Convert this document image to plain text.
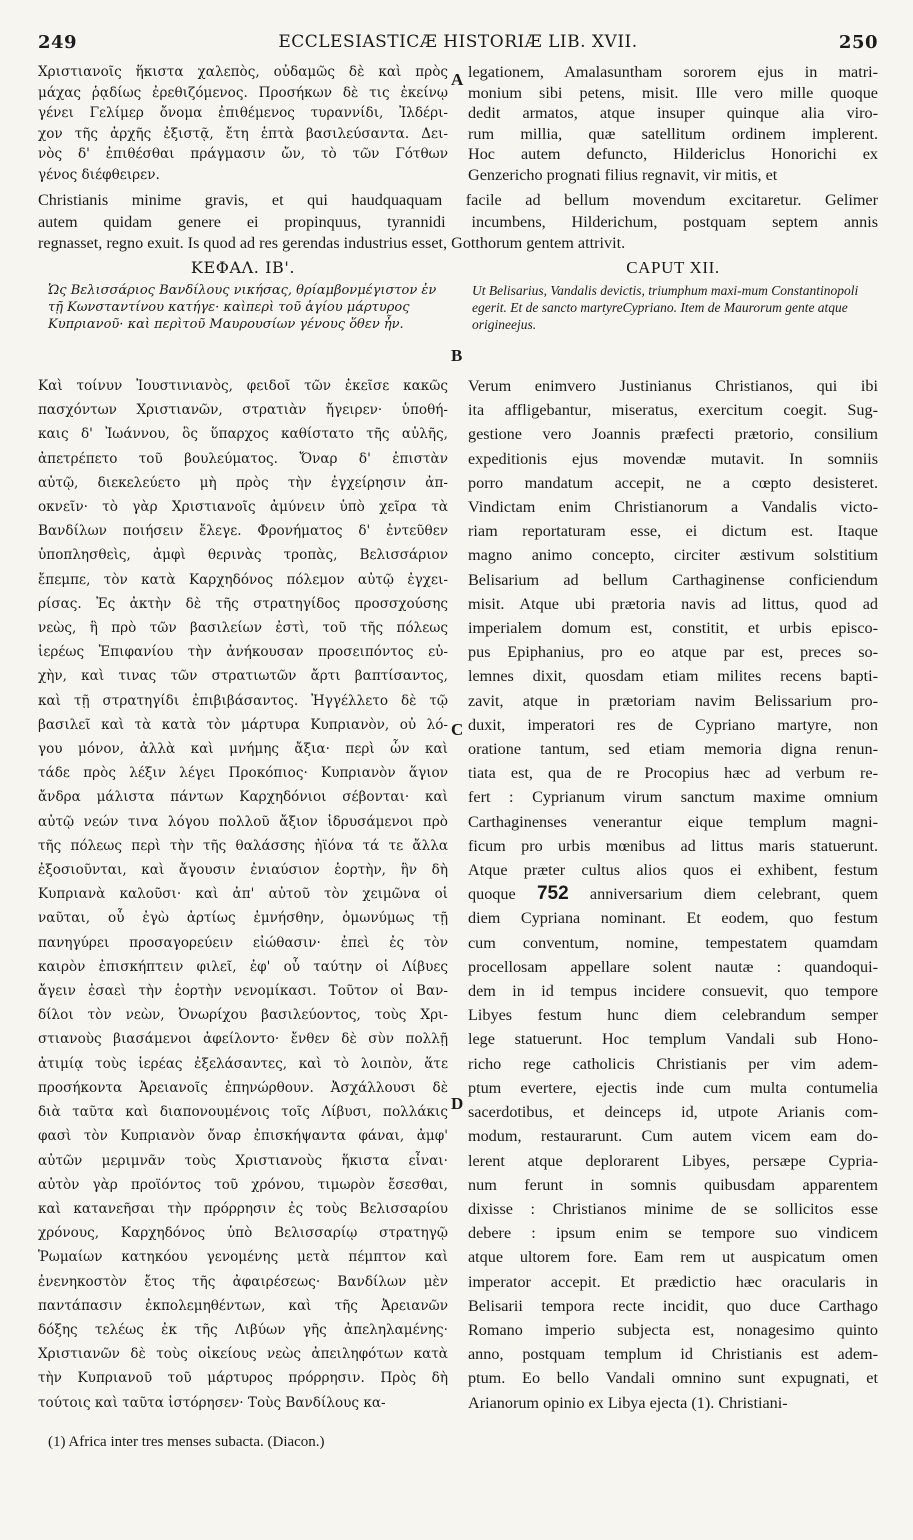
249	ECCLESIASTICÆ HISTORIÆ LIB. XVII.	250
Χριστιανοῖς ἥκιστα χαλεπὸς, οὐδαμῶς δὲ καὶ πρὸς
μάχας ῥᾳδίως ἐρεθιζόμενος. Προσήκων δὲ τις ἐκείνῳ
γένει Γελίμερ ὄνομα ἐπιθέμενος τυραννίδι, Ἰλδέρι-
χον τῆς ἀρχῆς ἐξιστᾷ, ἔτη ἑπτὰ βασιλεύσαντα. Δει-
νὸς δ' ἐπιθέσθαι πράγμασιν ὤν, τὸ τῶν Γότθων
γένος διέφθειρεν.
legationem, Amalasuntham sororem ejus in matri-
monium sibi petens, misit. Ille vero mille quoque
dedit armatos, atque insuper quinque alia viro-
rum millia, quæ satellitum ordinem implerent.
Hoc autem defuncto, Hildericlus Honorichi ex
Genzericho prognati filius regnavit, vir mitis, et
Christianis minime gravis, et qui haudquaquam facile ad bellum movendum excitaretur. Gelimer
autem quidam genere ei propinquus, tyrannidi incumbens, Hilderichum, postquam septem annis
regnasset, regno exuit. Is quod ad res gerendas industrius esset, Gotthorum gentem attrivit.
ΚΕΦΑΛ. ΙΒ'.	CAPUT XII.
Ὡς Βελισσάριος Βανδίλους νικήσας, θρίαμβονμέγιστον ἐν τῇ Κωνσταντίνου κατήγε· καὶπερὶ τοῦ ἁγίου μάρτυρος Κυπριανοῦ· καὶ περὶτοῦ Μαυρουσίων γένους ὅθεν ἦν.
Ut Belisarius, Vandalis devictis, triumphum maxi-mum Constantinopoli egerit. Et de sancto martyreCypriano. Item de Maurorum gente atque origineejus.
A
B
C
D
Καὶ τοίνυν Ἰουστινιανὸς, φειδοῖ τῶν ἐκεῖσε κακῶς
πασχόντων Χριστιανῶν, στρατιὰν ἤγειρεν· ὑποθή-
καις δ' Ἰωάννου, ὃς ὕπαρχος καθίστατο τῆς αὐλῆς,
ἀπετρέπετο τοῦ βουλεύματος. Ὄναρ δ' ἐπιστὰν
αὐτῷ, διεκελεύετο μὴ πρὸς τὴν ἐγχείρησιν ἀπ-
οκνεῖν· τὸ γὰρ Χριστιανοῖς ἀμύνειν ὑπὸ χεῖρα τὰ
Βανδίλων ποιήσειν ἔλεγε. Φρονήματος δ' ἐντεῦθεν
ὑποπλησθεὶς, ἀμφὶ θερινὰς τροπὰς, Βελισσάριον
ἔπεμπε, τὸν κατὰ Καρχηδόνος πόλεμον αὐτῷ ἐγχει-
ρίσας. Ἐς ἀκτὴν δὲ τῆς στρατηγίδος προσσχούσης
νεὼς, ἣ πρὸ τῶν βασιλείων ἐστὶ, τοῦ τῆς πόλεως
ἱερέως Ἐπιφανίου τὴν ἀνήκουσαν προσειπόντος εὐ-
χὴν, καὶ τινας τῶν στρατιωτῶν ἄρτι βαπτίσαντος,
καὶ τῇ στρατηγίδι ἐπιβιβάσαντος. Ἠγγέλλετο δὲ τῷ
βασιλεῖ καὶ τὰ κατὰ τὸν μάρτυρα Κυπριανὸν, οὐ λό-
γου μόνον, ἀλλὰ καὶ μνήμης ἄξια· περὶ ὧν καὶ
τάδε πρὸς λέξιν λέγει Προκόπιος· Κυπριανὸν ἅγιον
ἄνδρα μάλιστα πάντων Καρχηδόνιοι σέβονται· καὶ
αὐτῷ νεών τινα λόγου πολλοῦ ἄξιον ἱδρυσάμενοι πρὸ
τῆς πόλεως περὶ τὴν τῆς θαλάσσης ἠϊόνα τά τε ἄλλα
ἐξοσιοῦνται, καὶ ἄγουσιν ἐνιαύσιον ἑορτὴν, ἣν δὴ
Κυπριανὰ καλοῦσι· καὶ ἀπ' αὐτοῦ τὸν χειμῶνα οἱ
ναῦται, οὗ ἐγὼ ἀρτίως ἐμνήσθην, ὁμωνύμως τῇ
πανηγύρει προσαγορεύειν εἰώθασιν· ἐπεὶ ἐς τὸν
καιρὸν ἐπισκήπτειν φιλεῖ, ἐφ' οὗ ταύτην οἱ Λίβυες
ἄγειν ἐσαεὶ τὴν ἑορτὴν νενομίκασι. Τοῦτον οἱ Βαν-
δίλοι τὸν νεὼν, Ὀνωρίχου βασιλεύοντος, τοὺς Χρι-
στιανοὺς βιασάμενοι ἀφείλοντο· ἔνθεν δὲ σὺν πολλῇ
ἀτιμίᾳ τοὺς ἱερέας ἐξελάσαντες, καὶ τὸ λοιπὸν, ἅτε
προσήκοντα Ἀρειανοῖς ἐπηνώρθουν. Ἀσχάλλουσι δὲ
διὰ ταῦτα καὶ διαπονουμένοις τοῖς Λίβυσι, πολλάκις
φασὶ τὸν Κυπριανὸν ὄναρ ἐπισκήψαντα φάναι, ἀμφ'
αὐτῶν μεριμνᾶν τοὺς Χριστιανοὺς ἥκιστα εἶναι·
αὐτὸν γὰρ προϊόντος τοῦ χρόνου, τιμωρὸν ἔσεσθαι,
καὶ κατανεῆσαι τὴν πρόρρησιν ἐς τοὺς Βελισσαρίου
χρόνους, Καρχηδόνος ὑπὸ Βελισσαρίῳ στρατηγῷ
Ῥωμαίων κατηκόου γενομένης μετὰ πέμπτον καὶ
ἐνενηκοστὸν ἔτος τῆς ἀφαιρέσεως· Βανδίλων μὲν
παντάπασιν ἐκπολεμηθέντων, καὶ τῆς Ἀρειανῶν
δόξης τελέως ἐκ τῆς Λιβύων γῆς ἀπεληλαμένης·
Χριστιανῶν δὲ τοὺς οἰκείους νεὼς ἀπειληφότων κατὰ
τὴν Κυπριανοῦ τοῦ μάρτυρος πρόρρησιν. Πρὸς δὴ
τούτοις καὶ ταῦτα ἱστόρησεν· Τοὺς Βανδίλους κα-
Verum enimvero Justinianus Christianos, qui ibi
ita affligebantur, miseratus, exercitum coegit. Sug-
gestione vero Joannis præfecti prætorio, consilium
expeditionis ejus movendæ mutavit. In somniis
porro mandatum accepit, ne a cœpto desisteret.
Vindictam enim Christianorum a Vandalis victo-
riam reportaturam esse, ei dictum est. Itaque
magno animo concepto, circiter æstivum solstitium
Belisarium ad bellum Carthaginense conficiendum
misit. Atque ubi prætoria navis ad littus, quod ad
imperialem domum est, constitit, et urbis episco-
pus Epiphanius, pro eo atque par est, preces so-
lemnes dixit, quosdam etiam milites recens bapti-
zavit, atque in prætoriam navim Belissarium pro-
duxit, imperatori res de Cypriano martyre, non
oratione tantum, sed etiam memoria digna renun-
tiata est, qua de re Procopius hæc ad verbum re-
fert : Cyprianum virum sanctum maxime omnium
Carthaginenses venerantur eique templum magni-
ficum pro urbis mœnibus ad littus maris statuerunt.
Atque præter cultus alios quos ei exhibent, festum
quoque 752 anniversarium diem celebrant, quem
diem Cypriana nominant. Et eodem, quo festum
cum conventum, nomine, tempestatem quamdam
procellosam appellare solent nautæ : quandoqui-
dem in id tempus incidere consuevit, quo tempore
Libyes festum hunc diem celebrandum semper
lege statuerunt. Hoc templum Vandali sub Hono-
richo rege catholicis Christianis per vim adem-
ptum evertere, ejectis inde cum multa contumelia
sacerdotibus, et deinceps id, utpote Arianis com-
modum, restaurarunt. Cum autem vicem eam do-
lerent atque deplorarent Libyes, persæpe Cypria-
num ferunt in somnis quibusdam apparentem
dixisse : Christianos minime de se sollicitos esse
debere : ipsum enim se tempore suo vindicem
atque ultorem fore. Eam rem ut auspicatum omen
imperator accepit. Et prædictio hæc oracularis in
Belisarii tempora recte incidit, quo duce Carthago
Romano imperio subjecta est, nonagesimo quinto
anno, postquam templum id Christianis est adem-
ptum. Eo bello Vandali omnino sunt expugnati, et
Arianorum opinio ex Libya ejecta (1). Christiani-
(1) Africa inter tres menses subacta. (Diacon.)
